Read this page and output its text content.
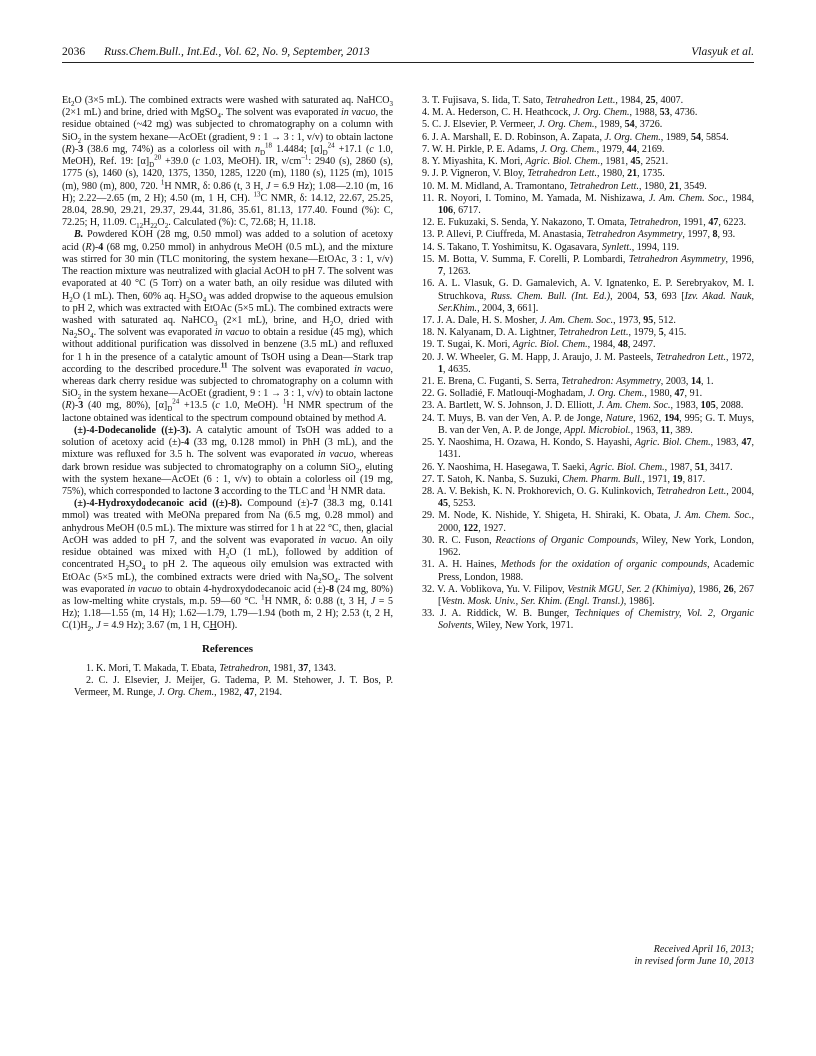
2036 Russ.Chem.Bull., Int.Ed., Vol. 62, No. 9, September, 2013	Vlasyuk et al.

$Et_2O$ (3×5 mL). The combined extracts were washed with saturated aq. NaHCO$_3$ (2×1 mL) and brine, dried with MgSO$_4$. The solvent was evaporated in vacuo, the residue obtained (~42 mg) was subjected to chromatography on a column with SiO$_2$ in the system hexane—AcOEt (gradient, 9 : 1 → 3 : 1, v/v) to obtain lactone (R)-3 (38.6 mg, 74%) as a colorless oil with $n_D^{18}$ 1.4484; $[\alpha]_D^{24} +17.1$ (c 1.0, MeOH), Ref. 19: $[\alpha]_D^{20} +39.0$ (c 1.03, MeOH). IR, $\nu/cm^{-1}$: 2940 (s), 2860 (s), 1775 (s), 1460 (s), 1420, 1375, 1350, 1285, 1220 (m), 1180 (s), 1125 (m), 1015 (m), 980 (m), 800, 720. $^1$H NMR, δ: 0.86 (t, 3 H, J = 6.9 Hz); 1.08—2.10 (m, 16 H); 2.22—2.65 (m, 2 H); 4.50 (m, 1 H, CH). $^{13}$C NMR, δ: 14.12, 22.67, 25.25, 28.04, 28.90, 29.21, 29.37, 29.44, 31.86, 35.61, 81.13, 177.40. Found (%): C, 72.25; H, 11.09. $C_{12}H_{22}O_2$. Calculated (%): C, 72.68; H, 11.18.

B. Powdered KOH (28 mg, 0.50 mmol) was added to a solution of acetoxy acid (R)-4 (68 mg, 0.250 mmol) in anhydrous MeOH (0.5 mL), and the mixture was stirred for 30 min (TLC monitoring, the system hexane—EtOAc, 3 : 1, v/v) The reaction mixture was neutralized with glacial AcOH to pH 7. The solvent was evaporated at 40 °C (5 Torr) on a water bath, an oily residue was diluted with $H_2O$ (1 mL). Then, 60% aq. $H_2SO_4$ was added dropwise to the aqueous emulsion to pH 2, which was extracted with EtOAc (5×5 mL). The combined extracts were washed with saturated aq. NaHCO$_3$ (2×1 mL), brine, and $H_2O$, dried with $Na_2SO_4$. The solvent was evaporated in vacuo to obtain a residue (45 mg), which without additional purification was dissolved in benzene (3.5 mL) and refluxed for 1 h in the presence of a catalytic amount of TsOH using a Dean—Stark trap according to the described procedure.$^{11}$ The solvent was evaporated in vacuo, whereas dark cherry residue was subjected to chromatography on a column with SiO$_2$ in the system hexane—AcOEt (gradient, 9 : 1 → 3 : 1, v/v) to obtain lactone (R)-3 (40 mg, 80%), $[\alpha]_D^{24} +13.5$ (c 1.0, MeOH). $^1$H NMR spectrum of the lactone obtained was identical to the spectrum compound obtained by method A.

(±)-4-Dodecanolide ((±)-3). A catalytic amount of TsOH was added to a solution of acetoxy acid (±)-4 (33 mg, 0.128 mmol) in PhH (3 mL), and the mixture was refluxed for 3.5 h. The solvent was evaporated in vacuo, whereas dark brown residue was subjected to chromatography on a column SiO$_2$, eluting with the system hexane—AcOEt (6 : 1, v/v) to obtain a colorless oil (19 mg, 75%), which corresponded to lactone 3 according to the TLC and $^1$H NMR data.

(±)-4-Hydroxydodecanoic acid ((±)-8). Compound (±)-7 (38.3 mg, 0.141 mmol) was treated with MeONa prepared from Na (6.5 mg, 0.28 mmol) and anhydrous MeOH (0.5 mL). The mixture was stirred for 1 h at 22 °C, then, glacial AcOH was added to pH 7, and the solvent was evaporated in vacuo. An oily residue obtained was mixed with $H_2O$ (1 mL), followed by addition of concentrated $H_2SO_4$ to pH 2. The aqueous oily emulsion was extracted with EtOAc (5×5 mL), the combined extracts were dried with $Na_2SO_4$. The solvent was evaporated in vacuo to obtain 4-hydroxydodecanoic acid (±)-8 (24 mg, 80%) as low-melting white crystals, m.p. 59—60 °C. $^1$H NMR, δ: 0.88 (t, 3 H, J = 5 Hz); 1.18—1.55 (m, 14 H); 1.62—1.79, 1.79—1.94 (both m, 2 H); 2.53 (t, 2 H, $C(1)H_2$, J = 4.9 Hz); 3.67 (m, 1 H, CHOH).

References

1. K. Mori, T. Makada, T. Ebata, Tetrahedron, 1981, 37, 1343.

2. C. J. Elsevier, J. Meijer, G. Tadema, P. M. Stehower, J. T. Bos, P. Vermeer, M. Runge, J. Org. Chem., 1982, 47, 2194.

3. T. Fujisava, S. Iida, T. Sato, Tetrahedron Lett., 1984, 25, 4007.

4. M. A. Hederson, C. H. Heathcock, J. Org. Chem., 1988, 53, 4736.

5. C. J. Elsevier, P. Vermeer, J. Org. Chem., 1989, 54, 3726.

6. J. A. Marshall, E. D. Robinson, A. Zapata, J. Org. Chem., 1989, 54, 5854.

7. W. H. Pirkle, P. E. Adams, J. Org. Chem., 1979, 44, 2169.

8. Y. Miyashita, K. Mori, Agric. Biol. Chem., 1981, 45, 2521.

9. J. P. Vigneron, V. Bloy, Tetrahedron Lett., 1980, 21, 1735.

10. M. M. Midland, A. Tramontano, Tetrahedron Lett., 1980, 21, 3549.

11. R. Noyori, I. Tomino, M. Yamada, M. Nishizawa, J. Am. Chem. Soc., 1984, 106, 6717.

12. E. Fukuzaki, S. Senda, Y. Nakazono, T. Omata, Tetrahedron, 1991, 47, 6223.

13. P. Allevi, P. Ciuffreda, M. Anastasia, Tetrahedron Asymmetry, 1997, 8, 93.

14. S. Takano, T. Yoshimitsu, K. Ogasavara, Synlett., 1994, 119.

15. M. Botta, V. Summa, F. Corelli, P. Lombardi, Tetrahedron Asymmetry, 1996, 7, 1263.

16. A. L. Vlasuk, G. D. Gamalevich, A. V. Ignatenko, E. P. Serebryakov, M. I. Struchkova, Russ. Chem. Bull. (Int. Ed.), 2004, 53, 693 [Izv. Akad. Nauk, Ser.Khim., 2004, 3, 661].

17. J. A. Dale, H. S. Mosher, J. Am. Chem. Soc., 1973, 95, 512.

18. N. Kalyanam, D. A. Lightner, Tetrahedron Lett., 1979, 5, 415.

19. T. Sugai, K. Mori, Agric. Biol. Chem., 1984, 48, 2497.

20. J. W. Wheeler, G. M. Happ, J. Araujo, J. M. Pasteels, Tetrahedron Lett., 1972, 1, 4635.

21. E. Brena, C. Fuganti, S. Serra, Tetrahedron: Asymmetry, 2003, 14, 1.

22. G. Solladié, F. Matlouqi-Moghadam, J. Org. Chem., 1980, 47, 91.

23. A. Bartlett, W. S. Johnson, J. D. Elliott, J. Am. Chem. Soc., 1983, 105, 2088.

24. T. Muys, B. van der Ven, A. P. de Jonge, Nature, 1962, 194, 995; G. T. Muys, B. van der Ven, A. P. de Jonge, Appl. Microbiol., 1963, 11, 389.

25. Y. Naoshima, H. Ozawa, H. Kondo, S. Hayashi, Agric. Biol. Chem., 1983, 47, 1431.

26. Y. Naoshima, H. Hasegawa, T. Saeki, Agric. Biol. Chem., 1987, 51, 3417.

27. T. Satoh, K. Nanba, S. Suzuki, Chem. Pharm. Bull., 1971, 19, 817.

28. A. V. Bekish, K. N. Prokhorevich, O. G. Kulinkovich, Tetrahedron Lett., 2004, 45, 5253.

29. M. Node, K. Nishide, Y. Shigeta, H. Shiraki, K. Obata, J. Am. Chem. Soc., 2000, 122, 1927.

30. R. C. Fuson, Reactions of Organic Compounds, Wiley, New York, London, 1962.

31. A. H. Haines, Methods for the oxidation of organic compounds, Academic Press, London, 1988.

32. V. A. Voblikova, Yu. V. Filipov, Vestnik MGU, Ser. 2 (Khimiya), 1986, 26, 267 [Vestn. Mosk. Univ., Ser. Khim. (Engl. Transl.), 1986].

33. J. A. Riddick, W. B. Bunger, Techniques of Chemistry, Vol. 2, Organic Solvents, Wiley, New York, 1971.

Received April 16, 2013;
in revised form June 10, 2013
